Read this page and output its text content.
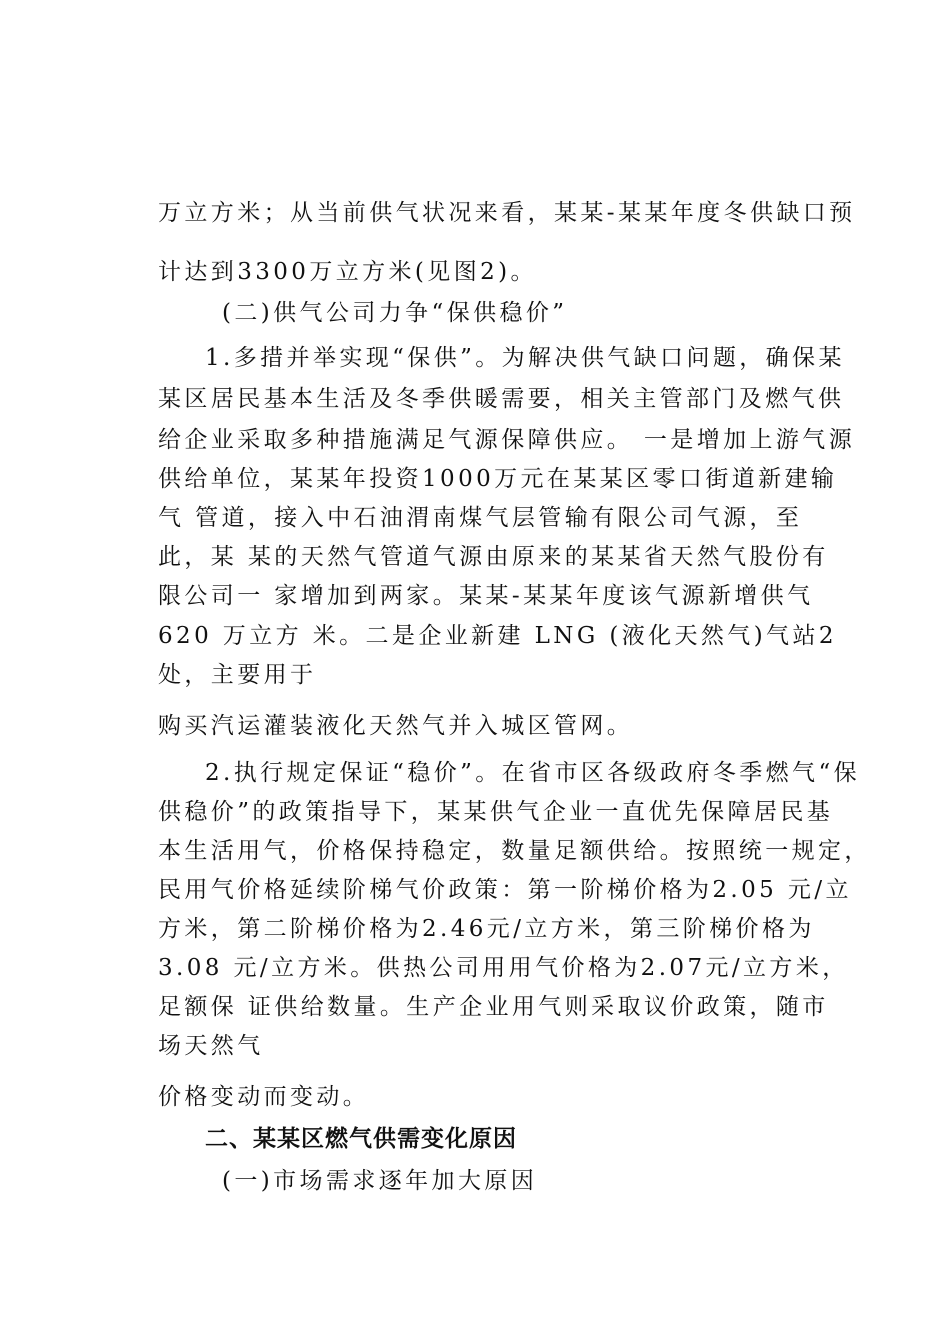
万立方米；从当前供气状况来看，某某-某某年度冬供缺口预
计达到3300万立方米(见图2)。
(二)供气公司力争“保供稳价”
1.多措并举实现“保供”。为解决供气缺口问题，确保某
某区居民基本生活及冬季供暖需要，相关主管部门及燃气供
给企业采取多种措施满足气源保障供应。 一是增加上游气源
供给单位，某某年投资1000万元在某某区零口街道新建输
气 管道，接入中石油渭南煤气层管输有限公司气源，至
此，某 某的天然气管道气源由原来的某某省天然气股份有
限公司一 家增加到两家。某某-某某年度该气源新增供气
620 万立方 米。二是企业新建 LNG (液化天然气)气站2
处，主要用于
购买汽运灌装液化天然气并入城区管网。
2.执行规定保证“稳价”。在省市区各级政府冬季燃气“保
供稳价”的政策指导下，某某供气企业一直优先保障居民基
本生活用气，价格保持稳定，数量足额供给。按照统一规定，
民用气价格延续阶梯气价政策：第一阶梯价格为2.05 元/立
方米，第二阶梯价格为2.46元/立方米，第三阶梯价格为
3.08 元/立方米。供热公司用用气价格为2.07元/立方米，
足额保 证供给数量。生产企业用气则采取议价政策，随市
场天然气
价格变动而变动。
二、某某区燃气供需变化原因
(一)市场需求逐年加大原因
